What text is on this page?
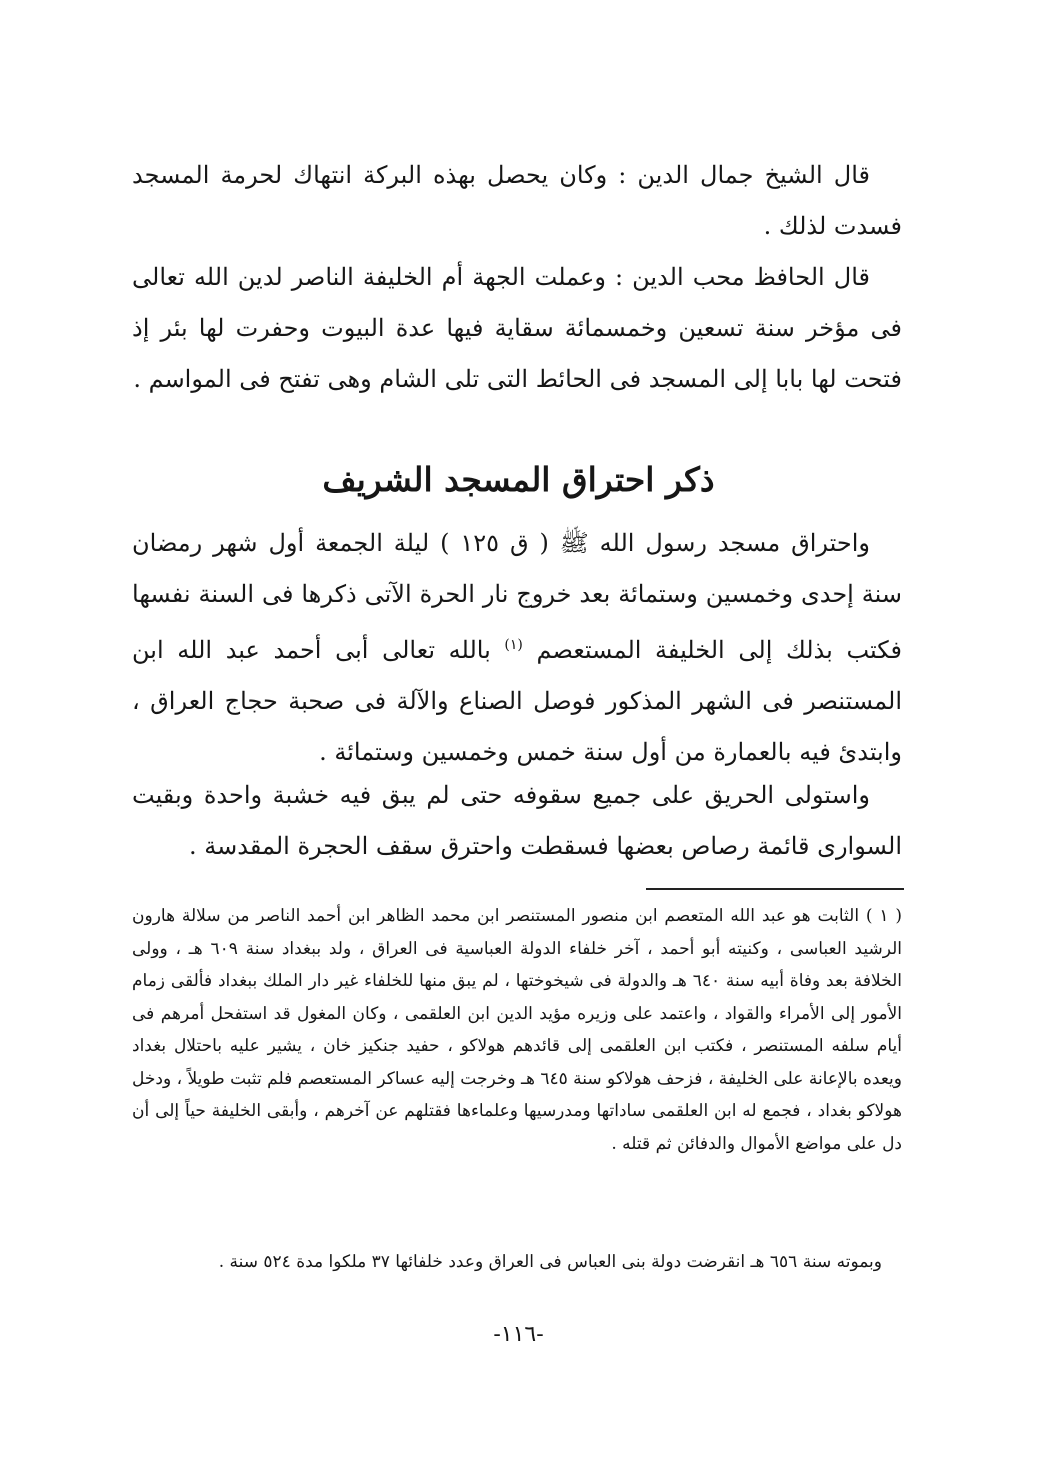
قال الشيخ جمال الدين : وكان يحصل بهذه البركة انتهاك لحرمة المسجد فسدت لذلك .

قال الحافظ محب الدين : وعملت الجهة أم الخليفة الناصر لدين الله تعالى فى مؤخر سنة تسعين وخمسمائة سقاية فيها عدة البيوت وحفرت لها بئر إذ فتحت لها بابا إلى المسجد فى الحائط التى تلى الشام وهى تفتح فى المواسم .

ذكر احتراق المسجد الشريف

واحتراق مسجد رسول الله ﷺ ( ق ١٢٥ ) ليلة الجمعة أول شهر رمضان سنة إحدى وخمسين وستمائة بعد خروج نار الحرة الآتى ذكرها فى السنة نفسها فكتب بذلك إلى الخليفة المستعصم $^{(١)}$ بالله تعالى أبى أحمد عبد الله ابن المستنصر فى الشهر المذكور فوصل الصناع والآلة فى صحبة حجاج العراق ، وابتدئ فيه بالعمارة من أول سنة خمس وخمسين وستمائة .

واستولى الحريق على جميع سقوفه حتى لم يبق فيه خشبة واحدة وبقيت السوارى قائمة رصاص بعضها فسقطت واحترق سقف الحجرة المقدسة .

( ١ ) الثابت هو عبد الله المتعصم ابن منصور المستنصر ابن محمد الظاهر ابن أحمد الناصر من سلالة هارون الرشيد العباسى ، وكنيته أبو أحمد ، آخر خلفاء الدولة العباسية فى العراق ، ولد ببغداد سنة ٦٠٩ هـ ، وولى الخلافة بعد وفاة أبيه سنة ٦٤٠ هـ والدولة فى شيخوختها ، لم يبق منها للخلفاء غير دار الملك ببغداد فألقى زمام الأمور إلى الأمراء والقواد ، واعتمد على وزيره مؤيد الدين ابن العلقمى ، وكان المغول قد استفحل أمرهم فى أيام سلفه المستنصر ، فكتب ابن العلقمى إلى قائدهم هولاكو ، حفيد جنكيز خان ، يشير عليه باحتلال بغداد ويعده بالإعانة على الخليفة ، فزحف هولاكو سنة ٦٤٥ هـ وخرجت إليه عساكر المستعصم فلم تثبت طويلاً ، ودخل هولاكو بغداد ، فجمع له ابن العلقمى ساداتها ومدرسيها وعلماءها فقتلهم عن آخرهم ، وأبقى الخليفة حياً إلى أن دل على مواضع الأموال والدفائن ثم قتله .

وبموته سنة ٦٥٦ هـ انقرضت دولة بنى العباس فى العراق وعدد خلفائها ٣٧ ملكوا مدة ٥٢٤ سنة .

-١١٦-
